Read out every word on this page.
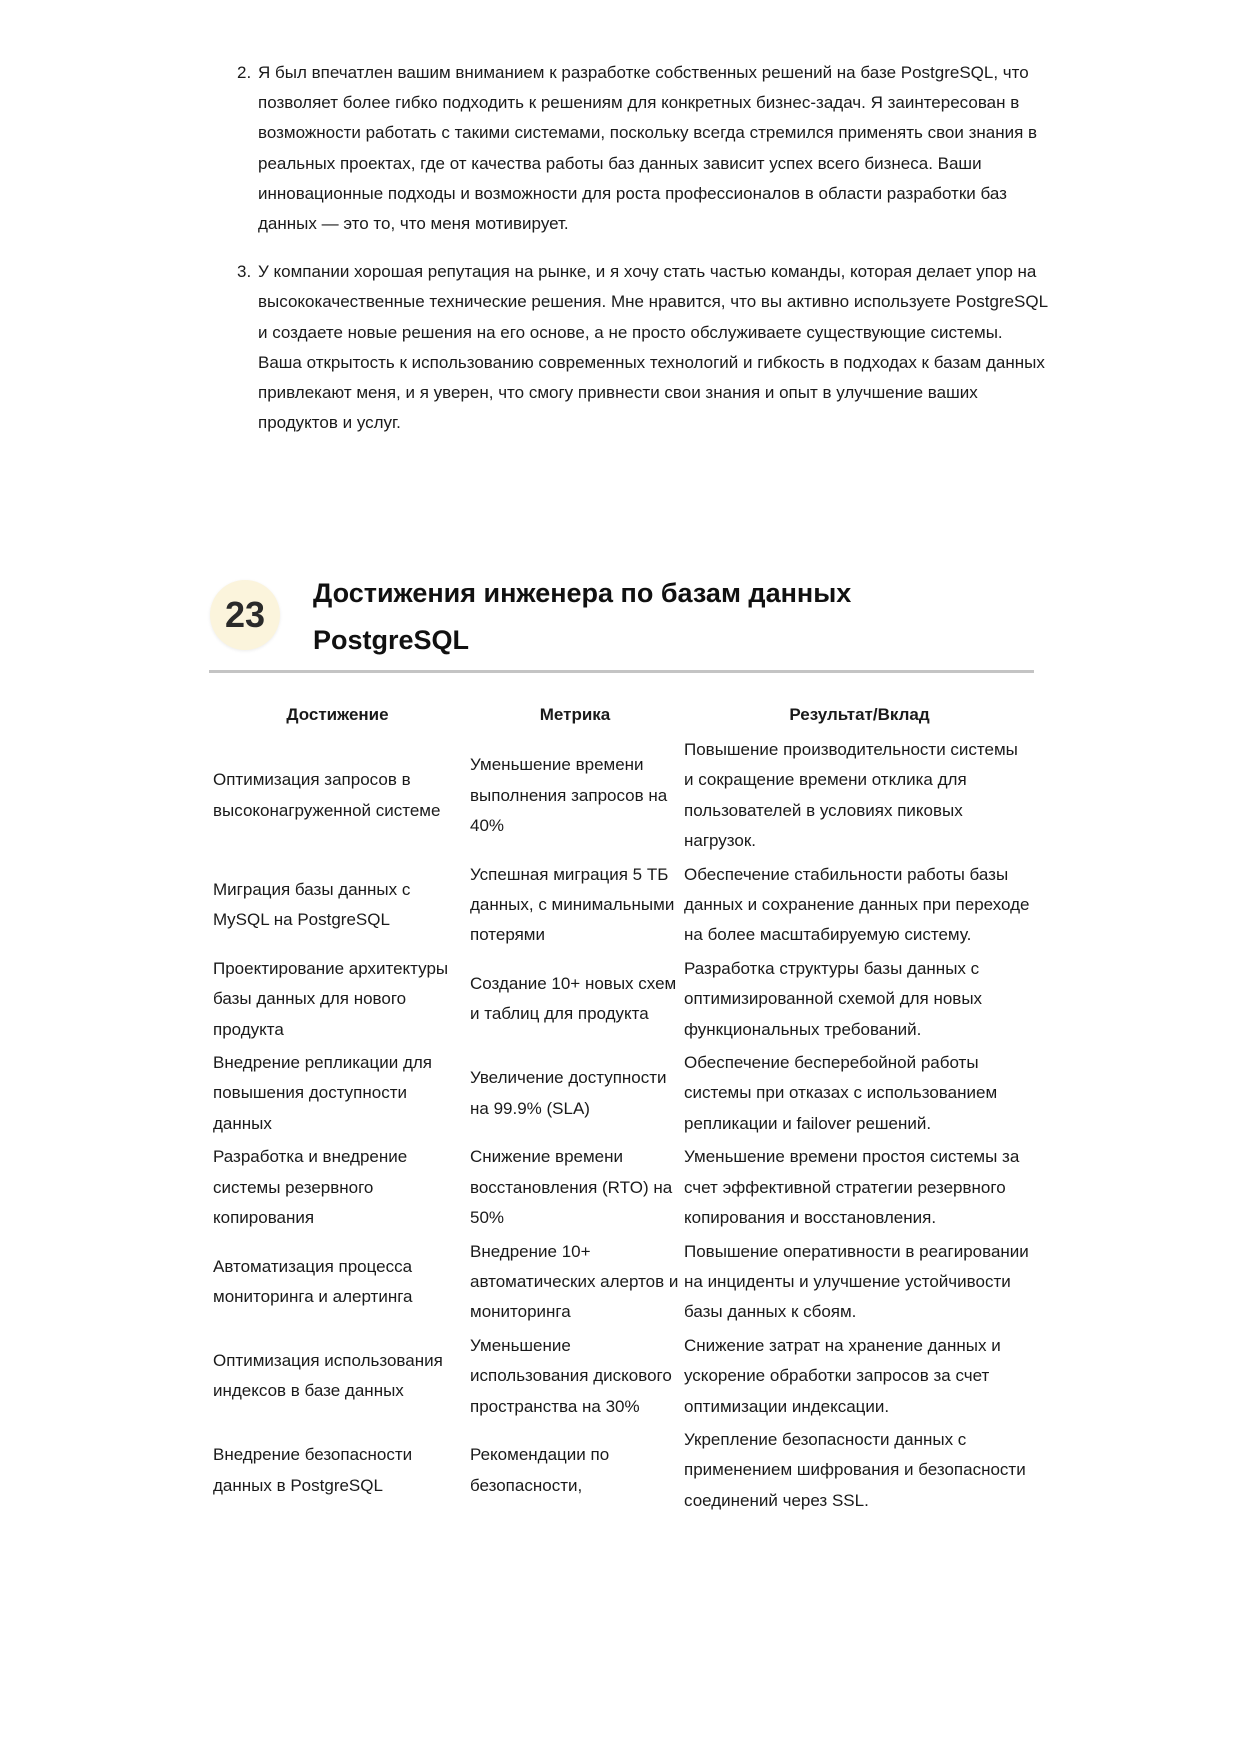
2. Я был впечатлен вашим вниманием к разработке собственных решений на базе PostgreSQL, что позволяет более гибко подходить к решениям для конкретных бизнес-задач. Я заинтересован в возможности работать с такими системами, поскольку всегда стремился применять свои знания в реальных проектах, где от качества работы баз данных зависит успех всего бизнеса. Ваши инновационные подходы и возможности для роста профессионалов в области разработки баз данных — это то, что меня мотивирует.
3. У компании хорошая репутация на рынке, и я хочу стать частью команды, которая делает упор на высококачественные технические решения. Мне нравится, что вы активно используете PostgreSQL и создаете новые решения на его основе, а не просто обслуживаете существующие системы. Ваша открытость к использованию современных технологий и гибкость в подходах к базам данных привлекают меня, и я уверен, что смогу привнести свои знания и опыт в улучшение ваших продуктов и услуг.
23
Достижения инженера по базам данных PostgreSQL
Достижение	Метрика	Результат/Вклад
Оптимизация запросов в высоконагруженной системе	Уменьшение времени выполнения запросов на 40%	Повышение производительности системы и сокращение времени отклика для пользователей в условиях пиковых нагрузок.
Миграция базы данных с MySQL на PostgreSQL	Успешная миграция 5 ТБ данных, с минимальными потерями	Обеспечение стабильности работы базы данных и сохранение данных при переходе на более масштабируемую систему.
Проектирование архитектуры базы данных для нового продукта	Создание 10+ новых схем и таблиц для продукта	Разработка структуры базы данных с оптимизированной схемой для новых функциональных требований.
Внедрение репликации для повышения доступности данных	Увеличение доступности на 99.9% (SLA)	Обеспечение бесперебойной работы системы при отказах с использованием репликации и failover решений.
Разработка и внедрение системы резервного копирования	Снижение времени восстановления (RTO) на 50%	Уменьшение времени простоя системы за счет эффективной стратегии резервного копирования и восстановления.
Автоматизация процесса мониторинга и алертинга	Внедрение 10+ автоматических алертов и мониторинга	Повышение оперативности в реагировании на инциденты и улучшение устойчивости базы данных к сбоям.
Оптимизация использования индексов в базе данных	Уменьшение использования дискового пространства на 30%	Снижение затрат на хранение данных и ускорение обработки запросов за счет оптимизации индексации.
Внедрение безопасности данных в PostgreSQL	Рекомендации по безопасности,	Укрепление безопасности данных с применением шифрования и безопасности соединений через SSL.
